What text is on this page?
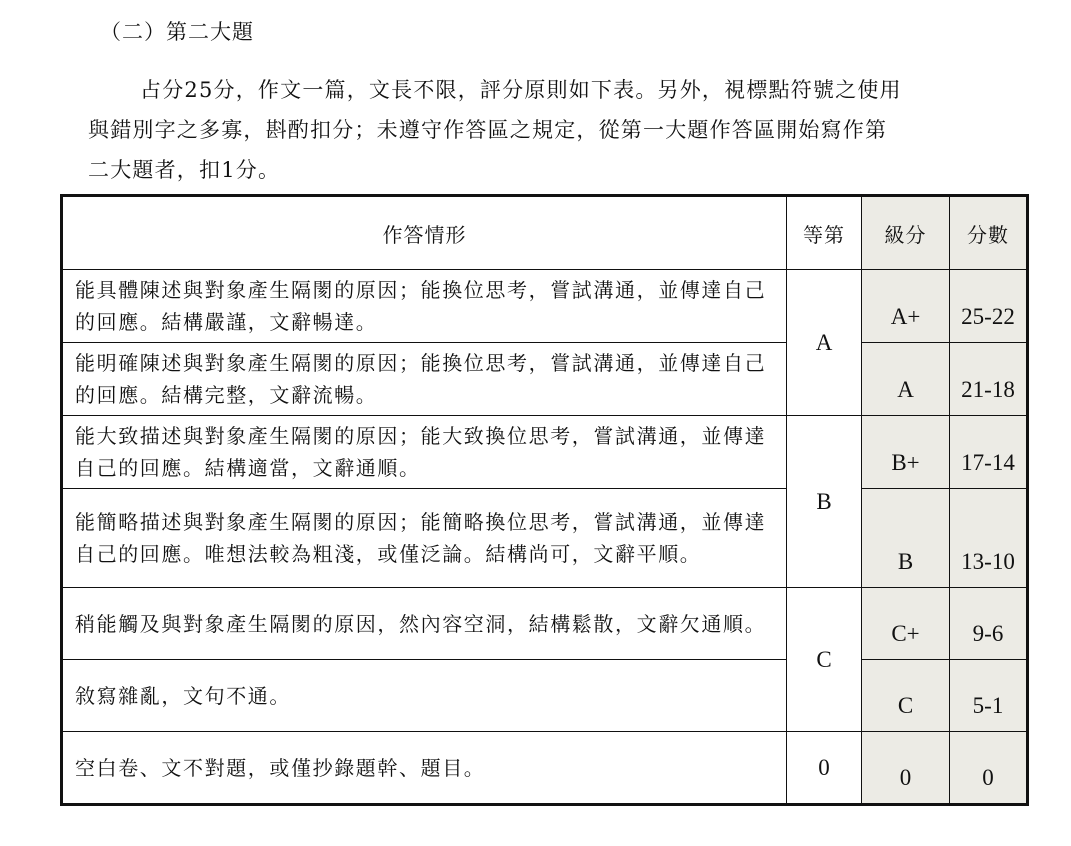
（二）第二大題
占分25分，作文一篇，文長不限，評分原則如下表。另外，視標點符號之使用
與錯別字之多寡，斟酌扣分；未遵守作答區之規定，從第一大題作答區開始寫作第
二大題者，扣1分。
作答情形	等第	級分	分數
能具體陳述與對象產生隔閡的原因；能換位思考，嘗試溝通，並傳達自己的回應。結構嚴謹，文辭暢達。	A	A+	25-22
能明確陳述與對象產生隔閡的原因；能換位思考，嘗試溝通，並傳達自己的回應。結構完整，文辭流暢。		A	21-18
能大致描述與對象產生隔閡的原因；能大致換位思考，嘗試溝通，並傳達自己的回應。結構適當，文辭通順。	B	B+	17-14
能簡略描述與對象產生隔閡的原因；能簡略換位思考，嘗試溝通，並傳達自己的回應。唯想法較為粗淺，或僅泛論。結構尚可，文辭平順。		B	13-10
稍能觸及與對象產生隔閡的原因，然內容空洞，結構鬆散，文辭欠通順。	C	C+	9-6
敘寫雜亂，文句不通。		C	5-1
空白卷、文不對題，或僅抄錄題幹、題目。	0	0	0
